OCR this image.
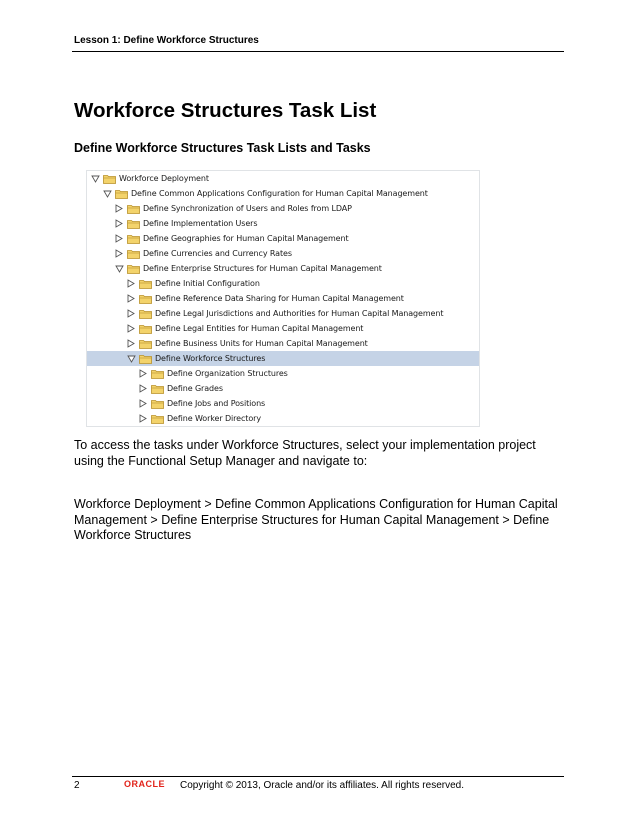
Lesson 1: Define Workforce Structures
Workforce Structures Task List
Define Workforce Structures Task Lists and Tasks
Workforce Deployment
Define Common Applications Configuration for Human Capital Management
Define Synchronization of Users and Roles from LDAP
Define Implementation Users
Define Geographies for Human Capital Management
Define Currencies and Currency Rates
Define Enterprise Structures for Human Capital Management
Define Initial Configuration
Define Reference Data Sharing for Human Capital Management
Define Legal Jurisdictions and Authorities for Human Capital Management
Define Legal Entities for Human Capital Management
Define Business Units for Human Capital Management
Define Workforce Structures
Define Organization Structures
Define Grades
Define Jobs and Positions
Define Worker Directory

To access the tasks under Workforce Structures, select your implementation project using the Functional Setup Manager and navigate to:

Workforce Deployment > Define Common Applications Configuration for Human Capital Management > Define Enterprise Structures for Human Capital Management > Define Workforce Structures

2	ORACLE Copyright © 2013, Oracle and/or its affiliates. All rights reserved.
